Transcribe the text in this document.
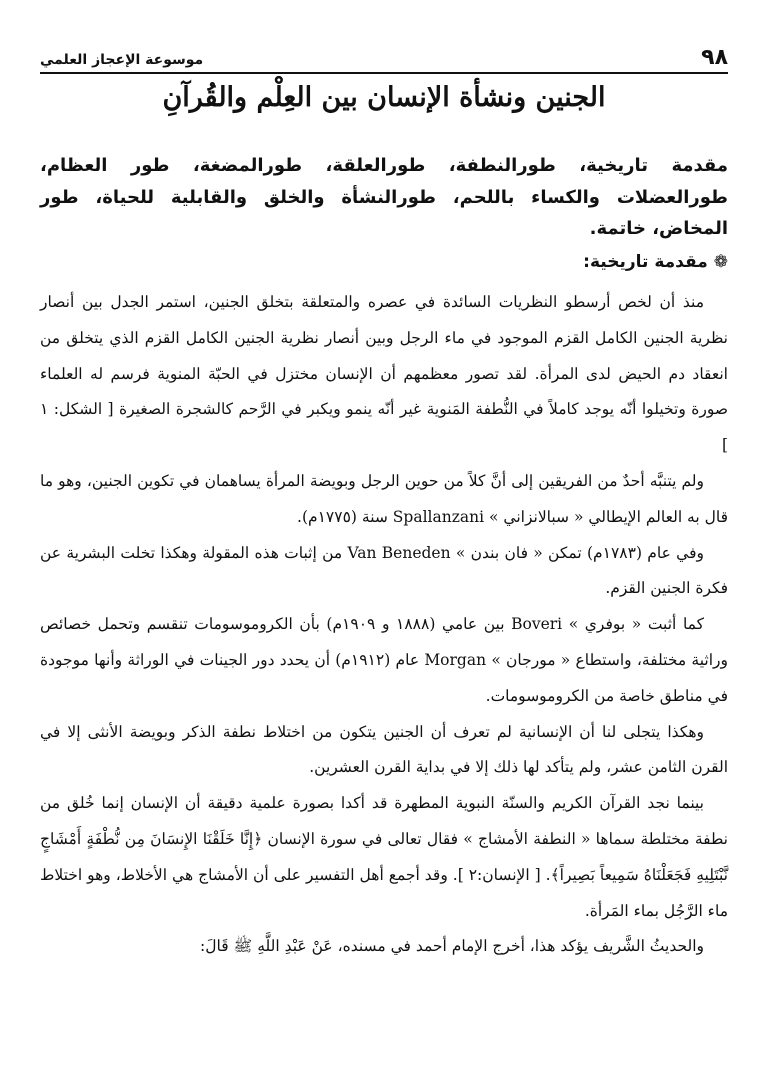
موسوعة الإعجاز العلمي	٩٨
الجنين ونشأة الإنسان بين العِلْم والقُرآنِ

مقدمة تاريخية، طورالنطفة، طورالعلقة، طورالمضغة، طور العظام، طورالعضلات والكساء باللحم، طورالنشأة والخلق والقابلية للحياة، طور المخاض، خاتمة.

❁مقدمة تاريخية:

منذ أن لخص أرسطو النظريات السائدة في عصره والمتعلقة بتخلق الجنين، استمر الجدل بين أنصار نظرية الجنين الكامل القزم الموجود في ماء الرجل وبين أنصار نظرية الجنين الكامل القزم الذي يتخلق من انعقاد دم الحيض لدى المرأة. لقد تصور معظمهم أن الإنسان مختزل في الحبّة المنوية فرسم له العلماء صورة وتخيلوا أنّه يوجد كاملاً في النُّطفة المَنوية غير أنّه ينمو ويكبر في الرَّحم كالشجرة الصغيرة [ الشكل: ١ ]

ولم يتنبَّه أحدٌ من الفريقين إلى أنَّ كلاً من حوين الرجل وبويضة المرأة يساهمان في تكوين الجنين، وهو ما قال به العالم الإيطالي « سبالانزاني » Spallanzani سنة (١٧٧٥م).

وفي عام (١٧٨٣م) تمكن « فان بندن » Van Beneden من إثبات هذه المقولة وهكذا تخلت البشرية عن فكرة الجنين القزم.

كما أثبت « بوفري » Boveri بين عامي (١٨٨٨ و ١٩٠٩م) بأن الكروموسومات تنقسم وتحمل خصائص وراثية مختلفة، واستطاع « مورجان » Morgan عام (١٩١٢م) أن يحدد دور الجينات في الوراثة وأنها موجودة في مناطق خاصة من الكروموسومات.

وهكذا يتجلى لنا أن الإنسانية لم تعرف أن الجنين يتكون من اختلاط نطفة الذكر وبويضة الأنثى إلا في القرن الثامن عشر، ولم يتأكد لها ذلك إلا في بداية القرن العشرين.

بينما نجد القرآن الكريم والسنّة النبوية المطهرة قد أكدا بصورة علمية دقيقة أن الإنسان إنما خُلق من نطفة مختلطة سماها « النطفة الأمشاج » فقال تعالى في سورة الإنسان ﴿إِنَّا خَلَقْنَا الإِنسَانَ مِن نُّطْفَةٍ أَمْشَاجٍ نَّبْتَلِيهِ فَجَعَلْنَاهُ سَمِيعاً بَصِيراً﴾. [ الإنسان:٢ ]. وقد أجمع أهل التفسير على أن الأمشاج هي الأخلاط، وهو اختلاط ماء الرَّجُل بماء المَرأة.

والحديثُ الشَّريف يؤكد هذا، أخرج الإمام أحمد في مسنده، عَنْ عَبْدِ اللَّهِ ﷺ قَالَ:
